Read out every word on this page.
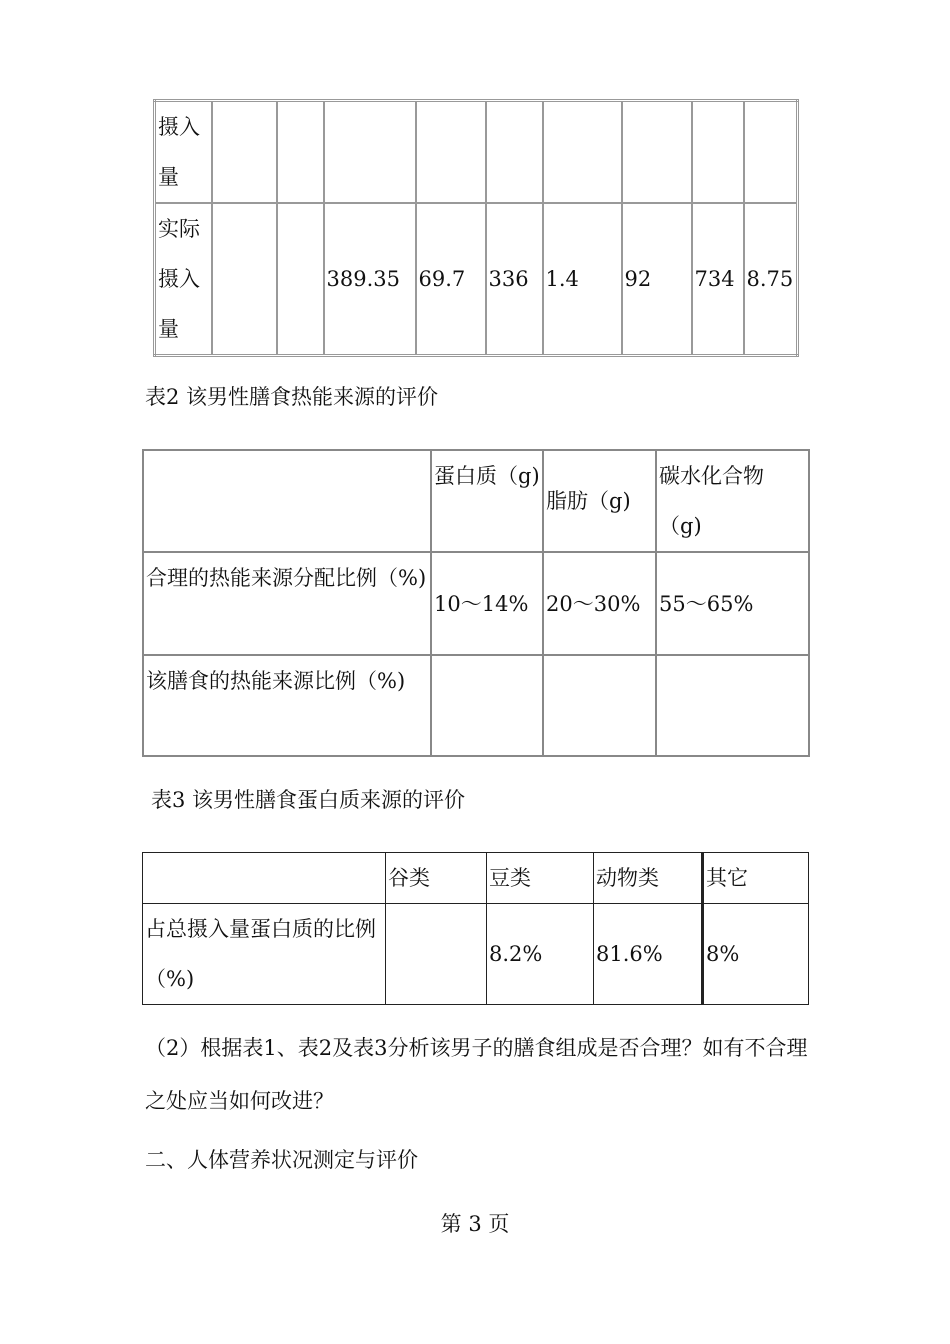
摄入量									
实际摄入量			389.35	69.7	336	1.4	92	734	8.75
表2 该男性膳食热能来源的评价
	蛋白质（g)	脂肪（g)	碳水化合物（g)
合理的热能来源分配比例（%)	10～14%	20～30%	55～65%
该膳食的热能来源比例（%)			
表3 该男性膳食蛋白质来源的评价
	谷类	豆类	动物类	其它
占总摄入量蛋白质的比例（%)		8.2%	81.6%	8%
（2）根据表1、表2及表3分析该男子的膳食组成是否合理？如有不合理之处应当如何改进？
二、人体营养状况测定与评价
第 3 页
